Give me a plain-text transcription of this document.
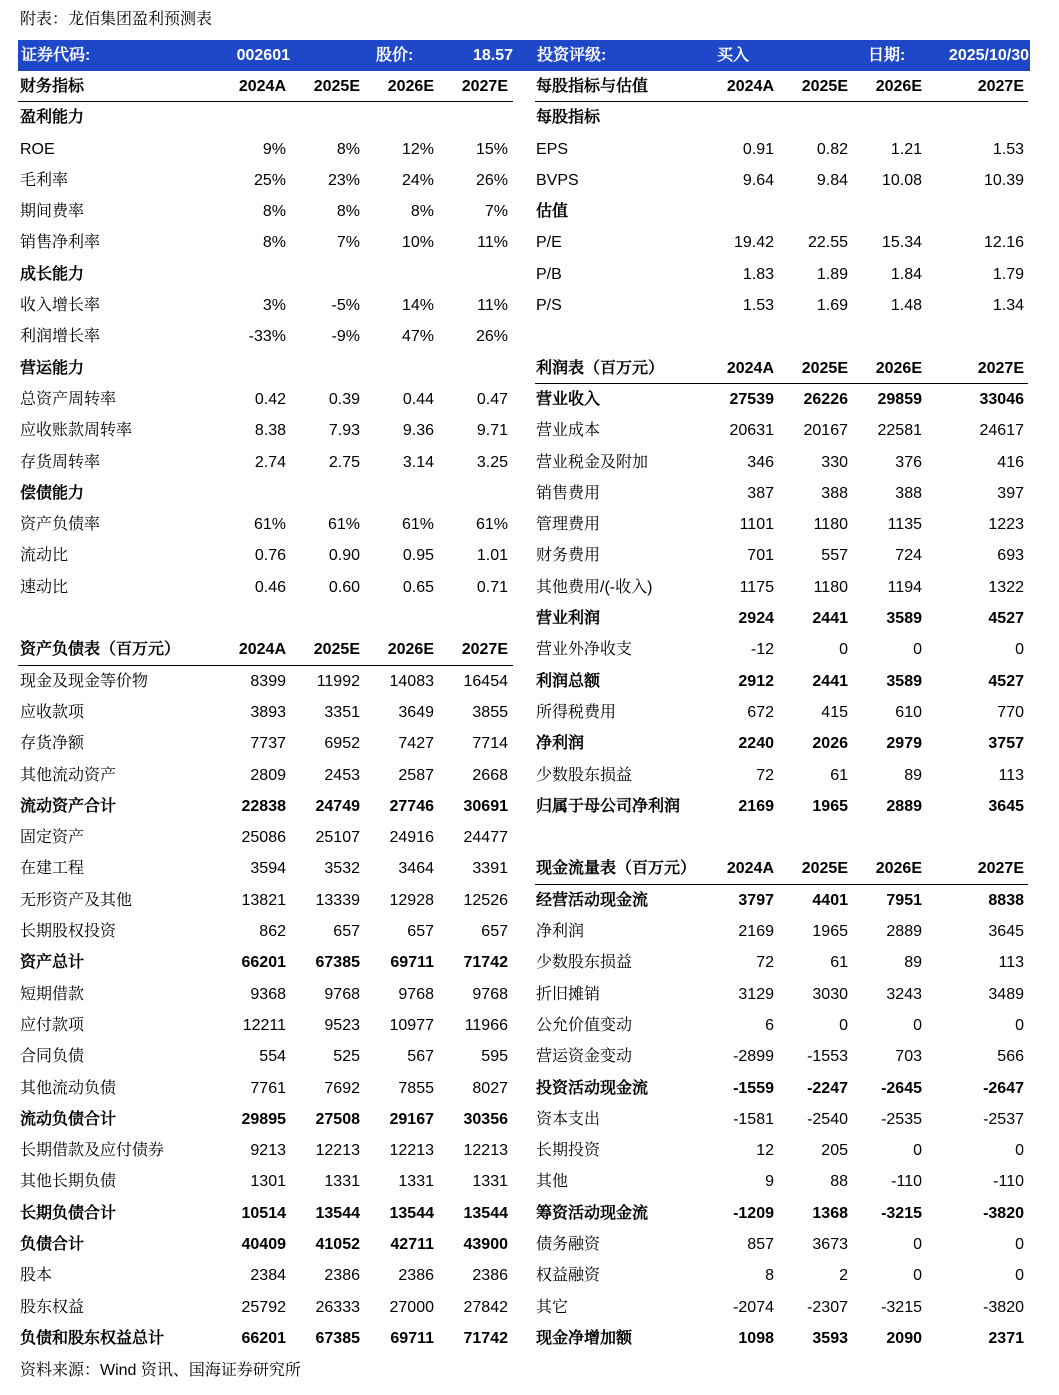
附表：龙佰集团盈利预测表
证券代码:	002601	股价:	18.57 投资评级:	买入	日期:	2025/10/30
财务指标	2024A 2025E 2026E 2027E
盈利能力
ROE	9%	8%	12%	15%
毛利率	25%	23%	24%	26%
期间费率	8%	8%	8%	7%
销售净利率	8%	7%	10%	11%
成长能力
收入增长率	3%	-5%	14%	11%
利润增长率	-33%	-9%	47%	26%
营运能力
总资产周转率	0.42	0.39	0.44	0.47
应收账款周转率	8.38	7.93	9.36	9.71
存货周转率	2.74	2.75	3.14	3.25
偿债能力
资产负债率	61%	61%	61%	61%
流动比	0.76	0.90	0.95	1.01
速动比	0.46	0.60	0.65	0.71
资产负债表（百万元）	2024A 2025E 2026E 2027E
现金及现金等价物	8399 11992 14083 16454
应收款项	3893 3351 3649 3855
存货净额	7737 6952 7427 7714
其他流动资产	2809 2453 2587 2668
流动资产合计	22838 24749 27746 30691
固定资产	25086 25107 24916 24477
在建工程	3594 3532 3464 3391
无形资产及其他	13821 13339 12928 12526
长期股权投资	862	657	657	657
资产总计	66201 67385 69711 71742
短期借款	9368 9768 9768 9768
应付款项	12211 9523 10977 11966
合同负债	554	525	567	595
其他流动负债	7761 7692 7855 8027
流动负债合计	29895 27508 29167 30356
长期借款及应付债券	9213 12213 12213 12213
其他长期负债	1301 1331 1331 1331
长期负债合计	10514 13544 13544 13544
负债合计	40409 41052 42711 43900
股本	2384 2386 2386 2386
股东权益	25792 26333 27000 27842
负债和股东权益总计	66201 67385 69711 71742
每股指标与估值	2024A 2025E 2026E	2027E
每股指标
EPS	0.91	0.82	1.21	1.53
BVPS	9.64	9.84 10.08	10.39
估值
P/E	19.42 22.55 15.34	12.16
P/B	1.83	1.89	1.84	1.79
P/S	1.53	1.69	1.48	1.34
利润表（百万元）	2024A 2025E 2026E	2027E
营业收入	27539 26226 29859	33046
营业成本	20631 20167 22581	24617
营业税金及附加	346	330	376	416
销售费用	387	388	388	397
管理费用	1101 1180 1135	1223
财务费用	701	557	724	693
其他费用/(-收入)	1175 1180 1194	1322
营业利润	2924 2441 3589	4527
营业外净收支	-12	0	0	0
利润总额	2912 2441 3589	4527
所得税费用	672	415	610	770
净利润	2240 2026 2979	3757
少数股东损益	72	61	89	113
归属于母公司净利润	2169 1965 2889	3645
现金流量表（百万元） 2024A 2025E 2026E	2027E
经营活动现金流	3797 4401 7951	8838
净利润	2169 1965 2889	3645
少数股东损益	72	61	89	113
折旧摊销	3129 3030 3243	3489
公允价值变动	6	0	0	0
营运资金变动	-2899 -1553	703	566
投资活动现金流	-1559 -2247 -2645	-2647
资本支出	-1581 -2540 -2535	-2537
长期投资	12	205	0	0
其他	9	88	-110	-110
筹资活动现金流	-1209 1368 -3215	-3820
债务融资	857 3673	0	0
权益融资	8	2	0	0
其它	-2074 -2307 -3215	-3820
现金净增加额	1098 3593 2090	2371
资料来源：Wind 资讯、国海证券研究所
